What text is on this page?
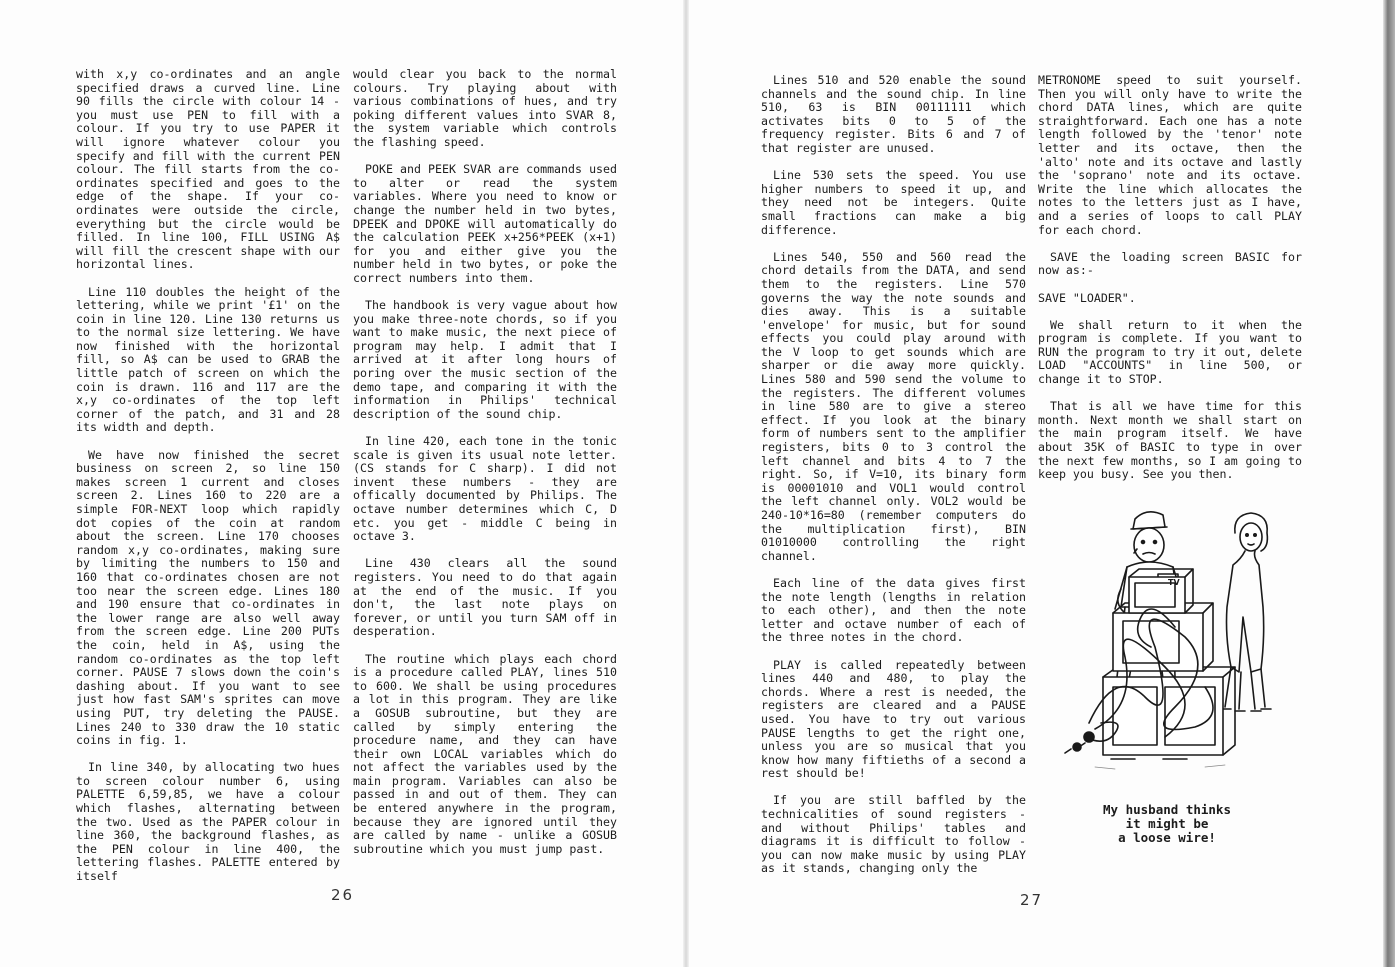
with x,y co-ordinates and an angle specified draws a curved line. Line 90 fills the circle with colour 14 - you must use PEN to fill with a colour. If you try to use PAPER it will ignore whatever colour you specify and fill with the current PEN colour. The fill starts from the co-ordinates specified and goes to the edge of the shape. If your co-ordinates were outside the circle, everything but the circle would be filled. In line 100, FILL USING A$ will fill the crescent shape with our horizontal lines.

Line 110 doubles the height of the lettering, while we print '£1' on the coin in line 120. Line 130 returns us to the normal size lettering. We have now finished with the horizontal fill, so A$ can be used to GRAB the little patch of screen on which the coin is drawn. 116 and 117 are the x,y co-ordinates of the top left corner of the patch, and 31 and 28 its width and depth.

We have now finished the secret business on screen 2, so line 150 makes screen 1 current and closes screen 2. Lines 160 to 220 are a simple FOR-NEXT loop which rapidly dot copies of the coin at random about the screen. Line 170 chooses random x,y co-ordinates, making sure by limiting the numbers to 150 and 160 that co-ordinates chosen are not too near the screen edge. Lines 180 and 190 ensure that co-ordinates in the lower range are also well away from the screen edge. Line 200 PUTs the coin, held in A$, using the random co-ordinates as the top left corner. PAUSE 7 slows down the coin's dashing about. If you want to see just how fast SAM's sprites can move using PUT, try deleting the PAUSE. Lines 240 to 330 draw the 10 static coins in fig. 1.

In line 340, by allocating two hues to screen colour number 6, using PALETTE 6,59,85, we have a colour which flashes, alternating between the two. Used as the PAPER colour in line 360, the background flashes, as the PEN colour in line 400, the lettering flashes. PALETTE entered by itself

would clear you back to the normal colours. Try playing about with various combinations of hues, and try poking different values into SVAR 8, the system variable which controls the flashing speed.

POKE and PEEK SVAR are commands used to alter or read the system variables. Where you need to know or change the number held in two bytes, DPEEK and DPOKE will automatically do the calculation PEEK x+256*PEEK (x+1) for you and either give you the number held in two bytes, or poke the correct numbers into them.

The handbook is very vague about how you make three-note chords, so if you want to make music, the next piece of program may help. I admit that I arrived at it after long hours of poring over the music section of the demo tape, and comparing it with the information in Philips' technical description of the sound chip.

In line 420, each tone in the tonic scale is given its usual note letter. (CS stands for C sharp). I did not invent these numbers - they are offically documented by Philips. The octave number determines which C, D etc. you get - middle C being in octave 3.

Line 430 clears all the sound registers. You need to do that again at the end of the music. If you don't, the last note plays on forever, or until you turn SAM off in desperation.

The routine which plays each chord is a procedure called PLAY, lines 510 to 600. We shall be using procedures a lot in this program. They are like a GOSUB subroutine, but they are called by simply entering the procedure name, and they can have their own LOCAL variables which do not affect the variables used by the main program. Variables can also be passed in and out of them. They can be entered anywhere in the program, because they are ignored until they are called by name - unlike a GOSUB subroutine which you must jump past.

26

Lines 510 and 520 enable the sound channels and the sound chip. In line 510, 63 is BIN 00111111 which activates bits 0 to 5 of the frequency register. Bits 6 and 7 of that register are unused.

Line 530 sets the speed. You use higher numbers to speed it up, and they need not be integers. Quite small fractions can make a big difference.

Lines 540, 550 and 560 read the chord details from the DATA, and send them to the registers. Line 570 governs the way the note sounds and dies away. This is a suitable 'envelope' for music, but for sound effects you could play around with the V loop to get sounds which are sharper or die away more quickly. Lines 580 and 590 send the volume to the registers. The different volumes in line 580 are to give a stereo effect. If you look at the binary form of numbers sent to the amplifier registers, bits 0 to 3 control the left channel and bits 4 to 7 the right. So, if V=10, its binary form is 00001010 and VOL1 would control the left channel only. VOL2 would be 240-10*16=80 (remember computers do the multiplication first), BIN 01010000 controlling the right channel.

Each line of the data gives first the note length (lengths in relation to each other), and then the note letter and octave number of each of the three notes in the chord.

PLAY is called repeatedly between lines 440 and 480, to play the chords. Where a rest is needed, the registers are cleared and a PAUSE used. You have to try out various PAUSE lengths to get the right one, unless you are so musical that you know how many fiftieths of a second a rest should be!

If you are still baffled by the technicalities of sound registers - and without Philips' tables and diagrams it is difficult to follow - you can now make music by using PLAY as it stands, changing only the

METRONOME speed to suit yourself. Then you will only have to write the chord DATA lines, which are quite straightforward. Each one has a note length followed by the 'tenor' note letter and its octave, then the 'alto' note and its octave and lastly the 'soprano' note and its octave. Write the line which allocates the notes to the letters just as I have, and a series of loops to call PLAY for each chord.

SAVE the loading screen BASIC for now as:-

SAVE "LOADER".

We shall return to it when the program is complete. If you want to RUN the program to try it out, delete LOAD "ACCOUNTS" in line 500, or change it to STOP.

That is all we have time for this month. Next month we shall start on the main program itself. We have about 35K of BASIC to type in over the next few months, so I am going to keep you busy. See you then.

TV
My husband thinks
it might be
a loose wire!
27
